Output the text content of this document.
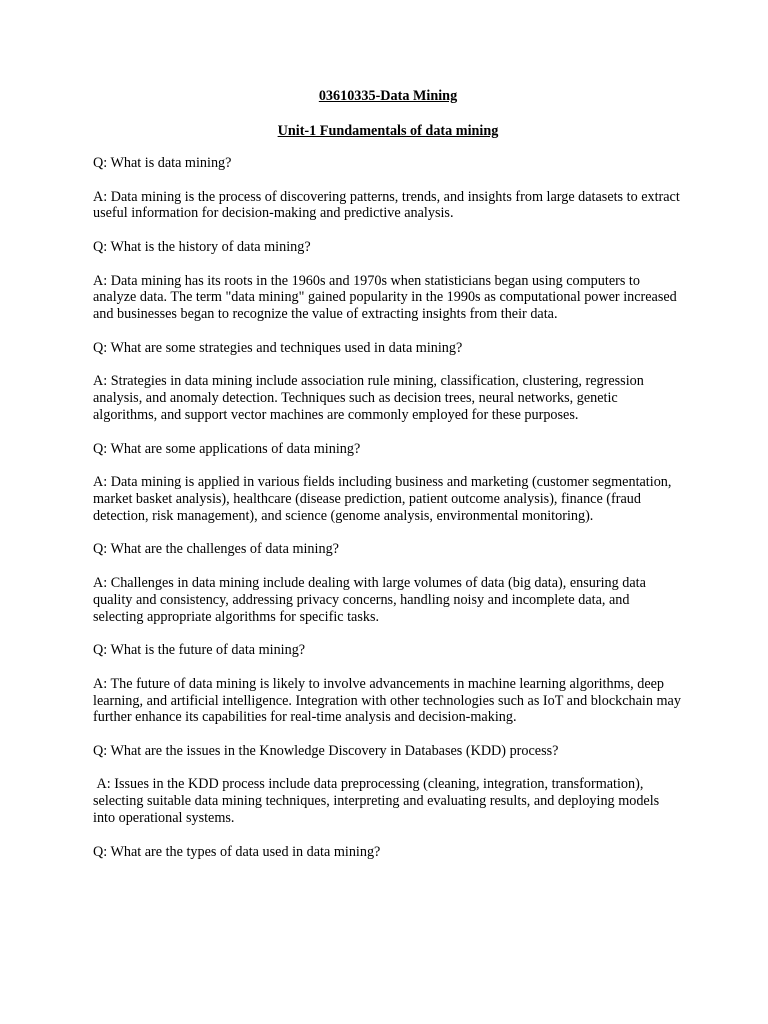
03610335-Data Mining

Unit-1 Fundamentals of data mining

Q: What is data mining?

A: Data mining is the process of discovering patterns, trends, and insights from large datasets to extract useful information for decision-making and predictive analysis.

Q: What is the history of data mining?

A: Data mining has its roots in the 1960s and 1970s when statisticians began using computers to analyze data. The term "data mining" gained popularity in the 1990s as computational power increased and businesses began to recognize the value of extracting insights from their data.

Q: What are some strategies and techniques used in data mining?

A: Strategies in data mining include association rule mining, classification, clustering, regression analysis, and anomaly detection. Techniques such as decision trees, neural networks, genetic algorithms, and support vector machines are commonly employed for these purposes.

Q: What are some applications of data mining?

A: Data mining is applied in various fields including business and marketing (customer segmentation, market basket analysis), healthcare (disease prediction, patient outcome analysis), finance (fraud detection, risk management), and science (genome analysis, environmental monitoring).

Q: What are the challenges of data mining?

A: Challenges in data mining include dealing with large volumes of data (big data), ensuring data quality and consistency, addressing privacy concerns, handling noisy and incomplete data, and selecting appropriate algorithms for specific tasks.

Q: What is the future of data mining?

A: The future of data mining is likely to involve advancements in machine learning algorithms, deep learning, and artificial intelligence. Integration with other technologies such as IoT and blockchain may further enhance its capabilities for real-time analysis and decision-making.

Q: What are the issues in the Knowledge Discovery in Databases (KDD) process?

A: Issues in the KDD process include data preprocessing (cleaning, integration, transformation), selecting suitable data mining techniques, interpreting and evaluating results, and deploying models into operational systems.

Q: What are the types of data used in data mining?
